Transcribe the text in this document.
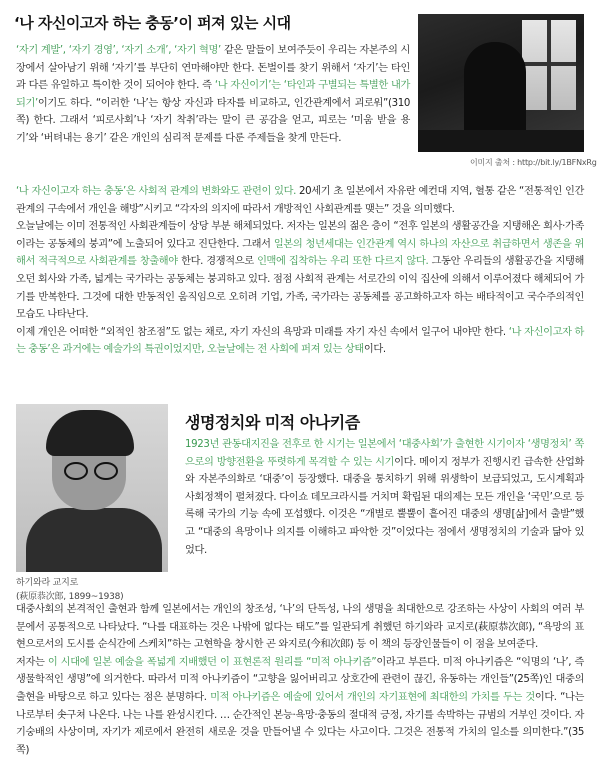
‘나 자신이고자 하는 충동’이 퍼져 있는 시대
이미지 출처 : http://bit.ly/1BFNxRg

‘자기 계발’, ‘자기 경영’, ‘자기 소개’, ‘자기 혁명’ 같은 말들이 보여주듯이 우리는 자본주의 시장에서 살아남기 위해 ‘자기’를 부단히 연마해야만 한다. 돈벌이를 찾기 위해서 ‘자기’는 타인과 다른 유일하고 특이한 것이 되어야 한다. 즉 ‘나 자신이기’는 ‘타인과 구별되는 특별한 내가 되기’이기도 하다. “이러한 ‘나’는 항상 자신과 타자를 비교하고, 인간관계에서 괴로워”(310쪽) 한다. 그래서 ‘피로사회’나 ‘자기 착취’라는 말이 큰 공감을 얻고, 피로는 ‘미움 받을 용기’와 ‘버텨내는 용기’ 같은 개인의 심리적 문제를 다룬 주제들을 찾게 만든다.

‘나 자신이고자 하는 충동’은 사회적 관계의 변화와도 관련이 있다. 20세기 초 일본에서 자유란 예컨대 지역, 혈통 같은 “전통적인 인간관계의 구속에서 개인을 해방”시키고 “각자의 의지에 따라서 개방적인 사회관계를 맺는” 것을 의미했다.

오늘날에는 이미 전통적인 사회관계들이 상당 부분 해체되었다. 저자는 일본의 젊은 층이 “전후 일본의 생활공간을 지탱해온 회사·가족이라는 공동체의 붕괴”에 노출되어 있다고 진단한다. 그래서 일본의 청년세대는 인간관계 역시 하나의 자산으로 취급하면서 생존을 위해서 적극적으로 사회관계를 창출해야 한다. 경쟁적으로 인맥에 집착하는 우리 또한 다르지 않다. 그동안 우리들의 생활공간을 지탱해 오던 회사와 가족, 넓게는 국가라는 공동체는 붕괴하고 있다. 점점 사회적 관계는 서로간의 이익 집산에 의해서 이루어졌다 해체되어 가기를 반복한다. 그것에 대한 반동적인 움직임으로 오히려 기업, 가족, 국가라는 공동체를 공고화하고자 하는 배타적이고 국수주의적인 모습도 나타난다.

이제 개인은 어떠한 “외적인 참조점”도 없는 채로, 자기 자신의 욕망과 미래를 자기 자신 속에서 일구어 내야만 한다. ‘나 자신이고자 하는 충동’은 과거에는 예술가의 특권이었지만, 오늘날에는 전 사회에 퍼져 있는 상태이다.

하기와라 교지로
(萩原恭次郎, 1899~1938)
생명정치와 미적 아나키즘

1923년 관동대지진을 전후로 한 시기는 일본에서 ‘대중사회’가 출현한 시기이자 ‘생명정치’ 쪽으로의 방향전환을 뚜렷하게 목격할 수 있는 시기이다. 메이지 정부가 진행시킨 급속한 산업화와 자본주의화로 ‘대중’이 등장했다. 대중을 통치하기 위해 위생학이 보급되었고, 도시계획과 사회정책이 펼쳐졌다. 다이쇼 데모크라시를 거치며 확립된 대의제는 모든 개인을 ‘국민’으로 등록해 국가의 기능 속에 포섭했다. 이것은 “개별로 뿔뿔이 흩어진 대중의 생명[삶]에서 출발”했고 “대중의 욕망이나 의지를 이해하고 파악한 것”이었다는 점에서 생명정치의 기술과 닮아 있었다.

대중사회의 본격적인 출현과 함께 일본에서는 개인의 창조성, ‘나’의 단독성, 나의 생명을 최대한으로 강조하는 사상이 사회의 여러 부문에서 공통적으로 나타났다. “나를 대표하는 것은 나밖에 없다는 태도”를 일관되게 취했던 하기와라 교지로(萩原恭次郎), “욕망의 표현으로서의 도시를 순식간에 스케치”하는 고현학을 창시한 곤 와지로(今和次郎) 등 이 책의 등장인물들이 이 점을 보여준다.

저자는 이 시대에 일본 예술을 폭넓게 지배했던 이 표현론적 원리를 “미적 아나키즘”이라고 부른다. 미적 아나키즘은 “익명의 ‘나’, 즉 생물학적인 생명”에 의거한다. 따라서 미적 아나키즘이 “고향을 잃어버리고 상호간에 관련이 끊긴, 유동하는 개인들”(25쪽)인 대중의 출현을 바탕으로 하고 있다는 점은 분명하다. 미적 아나키즘은 예술에 있어서 개인의 자기표현에 최대한의 가치를 두는 것이다. “나는 나로부터 솟구쳐 나온다. 나는 나를 완성시킨다. … 순간적인 본능·욕망·충동의 절대적 긍정, 자기를 속박하는 규범의 거부인 것이다. 자기숭배의 사상이며, 자기가 제로에서 완전히 새로운 것을 만들어낼 수 있다는 사고이다. 그것은 전통적 가치의 일소를 의미한다.”(35쪽)
